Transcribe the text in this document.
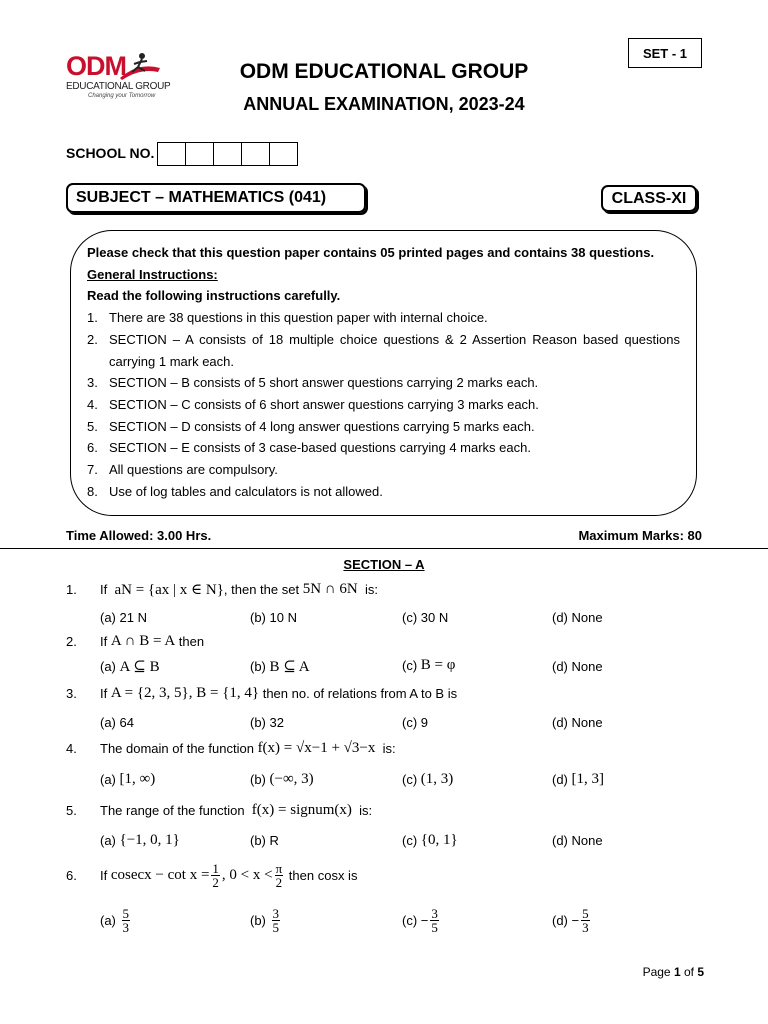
ODM
EDUCATIONAL GROUP
Changing your Tomorrow
SET - 1
ODM EDUCATIONAL GROUP
ANNUAL EXAMINATION, 2023-24
SCHOOL NO.
SUBJECT – MATHEMATICS (041)	CLASS-XI

Please check that this question paper contains 05 printed pages and contains 38 questions.

General Instructions:

Read the following instructions carefully.

1. There are 38 questions in this question paper with internal choice.
2. SECTION – A consists of 18 multiple choice questions & 2 Assertion Reason based questions carrying 1 mark each.
3. SECTION – B consists of 5 short answer questions carrying 2 marks each.
4. SECTION – C consists of 6 short answer questions carrying 3 marks each.
5. SECTION – D consists of 4 long answer questions carrying 5 marks each.
6. SECTION – E consists of 3 case-based questions carrying 4 marks each.
7. All questions are compulsory.
8. Use of log tables and calculators is not allowed.
Time Allowed: 3.00 Hrs.	Maximum Marks: 80
SECTION – A
1.	If
aN = {ax | x ∈ N} , then the set
5N ∩ 6N
is:
(a) 21 N	(b) 10 N	(c) 30 N	(d) None
2.	If
A ∩ B = A
then
(a)
A ⊆ B	(b)
B ⊆ A	(c)
B = φ	(d) None
3.	If
A = {2, 3, 5}, B = {1, 4}
then no. of relations from A to B is
(a) 64	(b) 32	(c) 9	(d) None
4.	The domain of the function
f(x) = √x−1 + √3−x
is:
(a)
[1, ∞)	(b)
(−∞, 3)	(c)
(1, 3)	(d)
[1, 3]
5.	The range of the function
f(x) = signum(x)
is:
(a)
{−1, 0, 1}	(b) R	(c)
{0, 1}	(d) None
6.	If
$cosecx - \cot x = \frac{1}{2}$ , $0 < x < \frac{\pi}{2}$
then cosx is
(a)
$\frac{5}{3}$	(b)
$\frac{3}{5}$	$(c) - \frac{3}{5}$	$(d) - \frac{5}{3}$
Page 1 of 5
